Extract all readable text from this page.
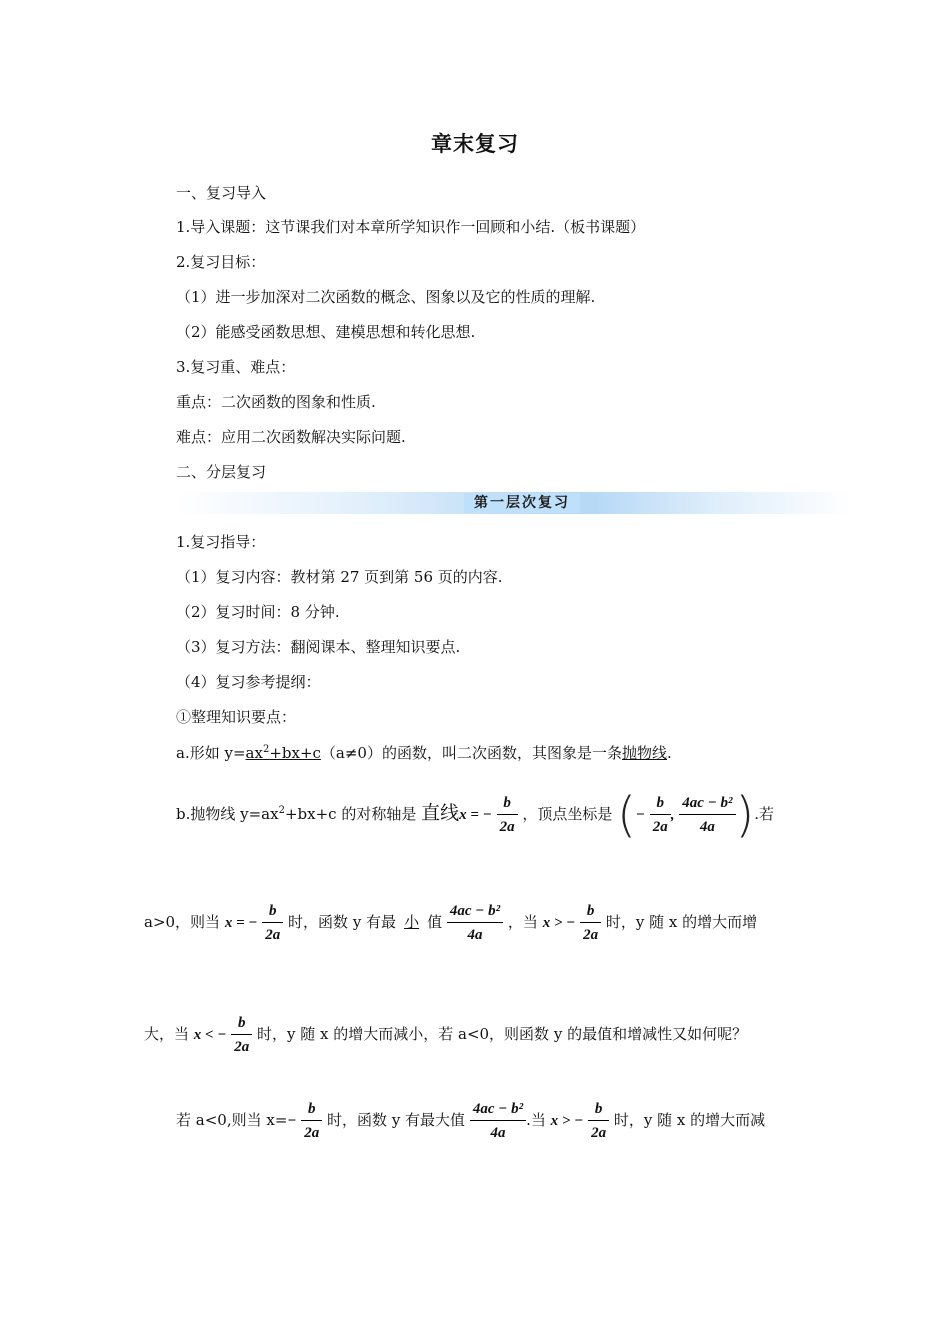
章末复习
一、复习导入
1.导入课题：这节课我们对本章所学知识作一回顾和小结.（板书课题）
2.复习目标：
（1）进一步加深对二次函数的概念、图象以及它的性质的理解.
（2）能感受函数思想、建模思想和转化思想.
3.复习重、难点：
重点：二次函数的图象和性质.
难点：应用二次函数解决实际问题.
二、分层复习
第一层次复习
1.复习指导：
（1）复习内容：教材第 27 页到第 56 页的内容.
（2）复习时间：8 分钟.
（3）复习方法：翻阅课本、整理知识要点.
（4）复习参考提纲：
①整理知识要点：
a.形如 $y=ax^2+bx+c(a\ne 0)$的函数，叫二次函数，其图象是一条抛物线.
b.抛物线 $y=ax^2+bx+c$ 的对称轴是 直线x = − $\frac{b}{2a}$ ，顶点坐标是 (− $\frac{b}{2a}$ , $\frac{\text{4ac − b²}}{4a}$ ).若
a>0，则当 x = − $\frac{b}{2a}$ 时，函数 y 有最 小 值 $\frac{\text{4ac − b²}}{4a}$ ，当 x > − $\frac{b}{2a}$ 时，y 随 x 的增大而增
大，当 x < − $\frac{b}{2a}$ 时，y 随 x 的增大而减小，若 a<0，则函数 y 的最值和增减性又如何呢？
若 a<0,则当 $x=- \frac{b}{2a}$ 时，函数 y 有最大值 $\frac{\text{4ac − b²}}{4a}$ .当 x > − $\frac{b}{2a}$ 时，y 随 x 的增大而减
